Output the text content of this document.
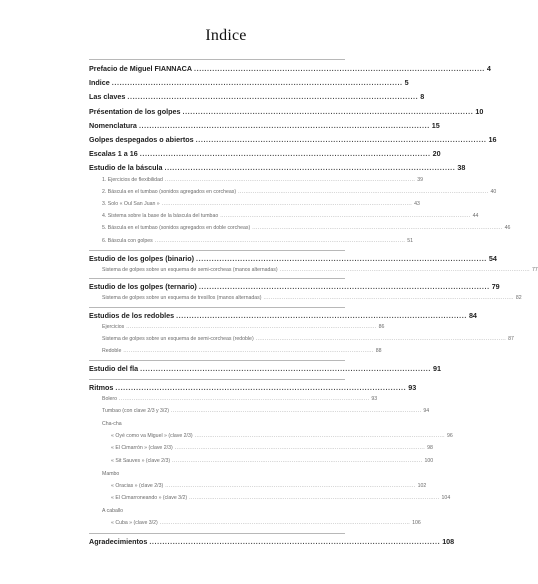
Indice
Prefacio de Miguel FIANNACA ................................................................................................................ 4
Indice ................................................................................................................ 5
Las claves ................................................................................................................ 8
Présentation de los golpes ................................................................................................................ 10
Nomenclatura ................................................................................................................ 15
Golpes despegados o abiertos ................................................................................................................ 16
Escalas 1 a 16 ................................................................................................................ 20
Estudio de la báscula ................................................................................................................ 38
1. Ejercicios de flexibilidad ........................................................................................................................................ 39
2. Báscula en el tumbao (sonidos agregados en corcheas) ........................................................................................................................................ 40
3. Solo « Oul San Juan » ........................................................................................................................................ 43
4. Sistema sobre la base de la báscula del tumbao ........................................................................................................................................ 44
5. Báscula en el tumbao (sonidos agregados en doble corcheas) ........................................................................................................................................ 46
6. Báscula con golpes ........................................................................................................................................ 51
Estudio de los golpes (binario) ................................................................................................................ 54
Sistema de golpes sobre un esquema de semi-corcheas (manos alternadas) ........................................................................................................................................ 77
Estudio de los golpes (ternario) ................................................................................................................ 79
Sistema de golpes sobre un esquema de tresillos (manos alternadas) ........................................................................................................................................ 82
Estudios de los redobles ................................................................................................................ 84
Ejercicios ........................................................................................................................................ 86
Sistema de golpes sobre un esquema de semi-corcheas (redoble) ........................................................................................................................................ 87
Redoble ........................................................................................................................................ 88
Estudio del fla ................................................................................................................ 91
Ritmos ................................................................................................................ 93
Bolero ........................................................................................................................................ 93
Tumbao (con clave 2/3 y 3/2) ........................................................................................................................................ 94
Cha-cha
« Oyé como va Miguel » (clave 2/3) ........................................................................................................................................ 96
« El Cimarrón » (clave 2/3) ........................................................................................................................................ 98
« Sit Sauves » (clave 2/3) ........................................................................................................................................ 100
Mambo
« Oracias » (clave 2/3) ........................................................................................................................................ 102
« El Cimarroneando » (clave 3/2) ........................................................................................................................................ 104
A caballo
« Cuba » (clave 3/2) ........................................................................................................................................ 106
Agradecimientos ................................................................................................................ 108
